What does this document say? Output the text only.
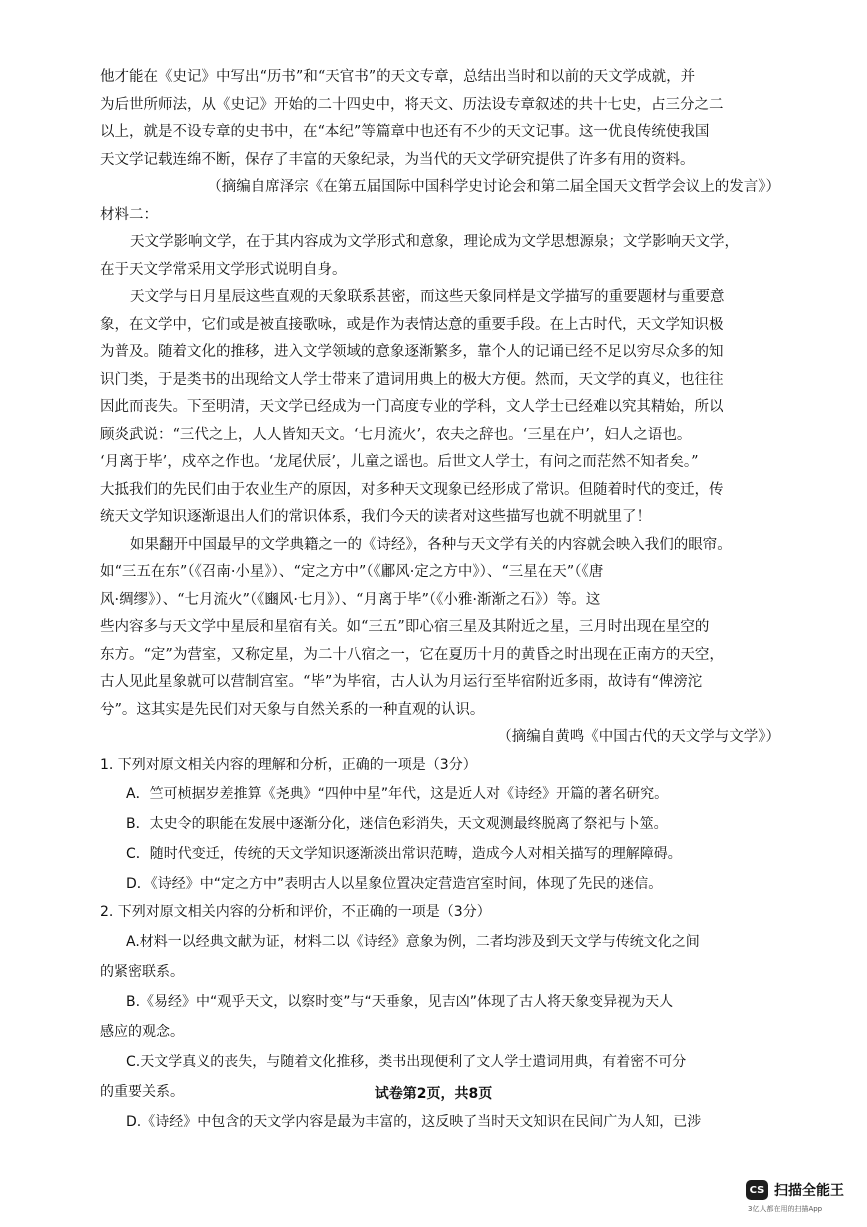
他才能在《史记》中写出“历书”和“天官书”的天文专章，总结出当时和以前的天文学成就，并
为后世所师法，从《史记》开始的二十四史中，将天文、历法设专章叙述的共十七史，占三分之二
以上，就是不设专章的史书中，在“本纪”等篇章中也还有不少的天文记事。这一优良传统使我国
天文学记载连绵不断，保存了丰富的天象纪录，为当代的天文学研究提供了许多有用的资料。
（摘编自席泽宗《在第五届国际中国科学史讨论会和第二届全国天文哲学会议上的发言》）
材料二：
天文学影响文学，在于其内容成为文学形式和意象，理论成为文学思想源泉；文学影响天文学，
在于天文学常采用文学形式说明自身。
天文学与日月星辰这些直观的天象联系甚密，而这些天象同样是文学描写的重要题材与重要意
象，在文学中，它们或是被直接歌咏，或是作为表情达意的重要手段。在上古时代，天文学知识极
为普及。随着文化的推移，进入文学领域的意象逐渐繁多，靠个人的记诵已经不足以穷尽众多的知
识门类，于是类书的出现给文人学士带来了遣词用典上的极大方便。然而，天文学的真义，也往往
因此而丧失。下至明清，天文学已经成为一门高度专业的学科，文人学士已经难以究其精始，所以
顾炎武说：“三代之上，人人皆知天文。‘七月流火’，农夫之辞也。‘三星在户’，妇人之语也。
‘月离于毕’，戍卒之作也。‘龙尾伏辰’，儿童之谣也。后世文人学士，有问之而茫然不知者矣。”
大抵我们的先民们由于农业生产的原因，对多种天文现象已经形成了常识。但随着时代的变迁，传
统天文学知识逐渐退出人们的常识体系，我们今天的读者对这些描写也就不明就里了！
如果翻开中国最早的文学典籍之一的《诗经》，各种与天文学有关的内容就会映入我们的眼帘。
如“三五在东”（《召南·小星》）、“定之方中”（《鄘风·定之方中》）、“三星在天”（《唐
风·绸缪》）、“七月流火”（《豳风·七月》）、“月离于毕”（《小雅·渐渐之石》）等。这
些内容多与天文学中星辰和星宿有关。如“三五”即心宿三星及其附近之星，三月时出现在星空的
东方。“定”为营室，又称定星，为二十八宿之一，它在夏历十月的黄昏之时出现在正南方的天空，
古人见此星象就可以营制宫室。“毕”为毕宿，古人认为月运行至毕宿附近多雨，故诗有“俾滂沱
兮”。这其实是先民们对天象与自然关系的一种直观的认识。
（摘编自黄鸣《中国古代的天文学与文学》）
1. 下列对原文相关内容的理解和分析，正确的一项是（3分）
A．竺可桢据岁差推算《尧典》“四仲中星”年代，这是近人对《诗经》开篇的著名研究。
B．太史令的职能在发展中逐渐分化，迷信色彩消失，天文观测最终脱离了祭祀与卜筮。
C．随时代变迁，传统的天文学知识逐渐淡出常识范畴，造成今人对相关描写的理解障碍。
D．《诗经》中“定之方中”表明古人以星象位置决定营造宫室时间，体现了先民的迷信。
2. 下列对原文相关内容的分析和评价，不正确的一项是（3分）
A.材料一以经典文献为证，材料二以《诗经》意象为例，二者均涉及到天文学与传统文化之间
的紧密联系。
B.《易经》中“观乎天文，以察时变”与“天垂象，见吉凶”体现了古人将天象变异视为天人
感应的观念。
C.天文学真义的丧失，与随着文化推移，类书出现便利了文人学士遣词用典，有着密不可分
的重要关系。
D.《诗经》中包含的天文学内容是最为丰富的，这反映了当时天文知识在民间广为人知，已涉
试卷第2页，共8页
CS 扫描全能王
3亿人都在用的扫描App
